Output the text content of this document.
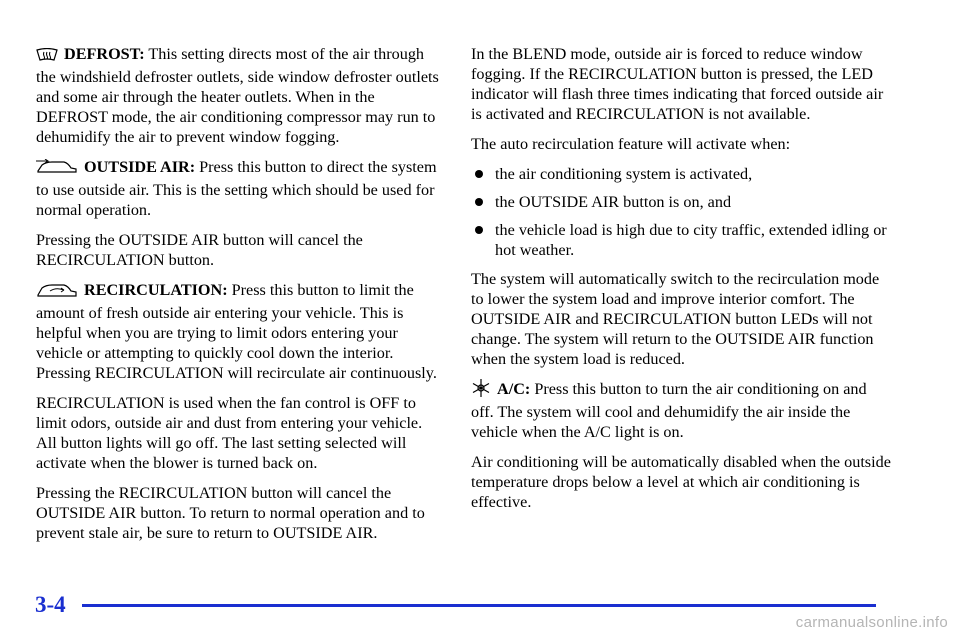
DEFROST: This setting directs most of the air through the windshield defroster outlets, side window defroster outlets and some air through the heater outlets. When in the DEFROST mode, the air conditioning compressor may run to dehumidify the air to prevent window fogging.

OUTSIDE AIR: Press this button to direct the system to use outside air. This is the setting which should be used for normal operation.

Pressing the OUTSIDE AIR button will cancel the RECIRCULATION button.

RECIRCULATION: Press this button to limit the amount of fresh outside air entering your vehicle. This is helpful when you are trying to limit odors entering your vehicle or attempting to quickly cool down the interior. Pressing RECIRCULATION will recirculate air continuously.

RECIRCULATION is used when the fan control is OFF to limit odors, outside air and dust from entering your vehicle. All button lights will go off. The last setting selected will activate when the blower is turned back on.

Pressing the RECIRCULATION button will cancel the OUTSIDE AIR button. To return to normal operation and to prevent stale air, be sure to return to OUTSIDE AIR.

In the BLEND mode, outside air is forced to reduce window fogging. If the RECIRCULATION button is pressed, the LED indicator will flash three times indicating that forced outside air is activated and RECIRCULATION is not available.

The auto recirculation feature will activate when:

the air conditioning system is activated,
the OUTSIDE AIR button is on, and
the vehicle load is high due to city traffic, extended idling or hot weather.

The system will automatically switch to the recirculation mode to lower the system load and improve interior comfort. The OUTSIDE AIR and RECIRCULATION button LEDs will not change. The system will return to the OUTSIDE AIR function when the system load is reduced.

A/C: Press this button to turn the air conditioning on and off. The system will cool and dehumidify the air inside the vehicle when the A/C light is on.

Air conditioning will be automatically disabled when the outside temperature drops below a level at which air conditioning is effective.

3-4
carmanualsonline.info
